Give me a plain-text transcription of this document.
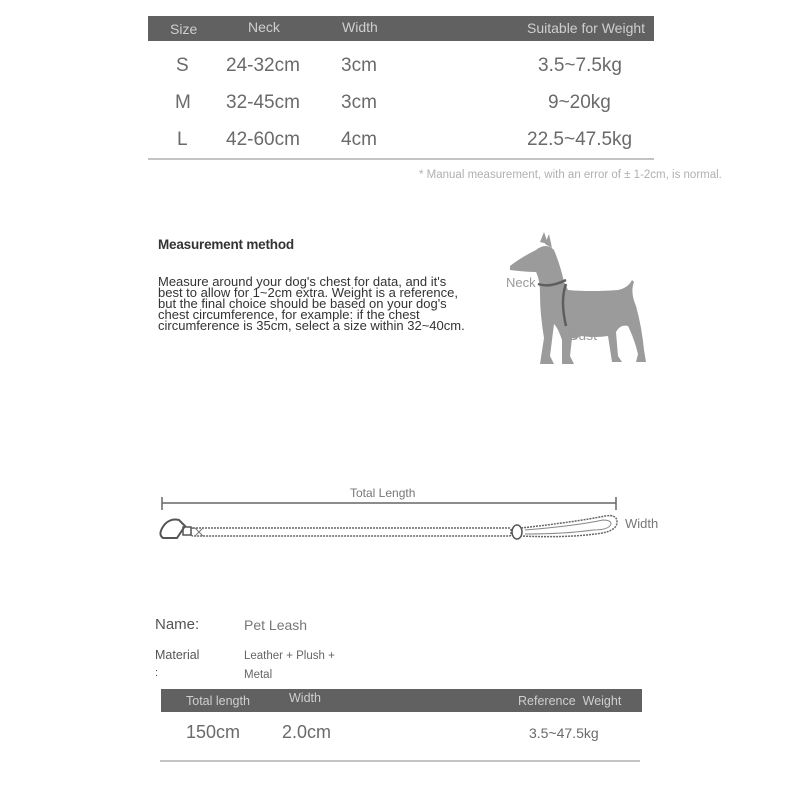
Size	Neck	Width	Suitable for Weight
S 24-32cm 3cm	3.5~7.5kg
M 32-45cm 3cm	9~20kg
L 42-60cm 4cm	22.5~47.5kg
* Manual measurement, with an error of ± 1-2cm, is normal.
Measurement method
Measure around your dog's chest for data, and it's
best to allow for 1~2cm extra. Weight is a reference,
but the final choice should be based on your dog's
chest circumference, for example: if the chest
circumference is 35cm, select a size within 32~40cm.
Neck
Bust
Total Length
Width
Name:	Pet Leash
Material
:
Leather + Plush +
Metal
Total length	Width	Reference  Weight
150cm 2.0cm	3.5~47.5kg
